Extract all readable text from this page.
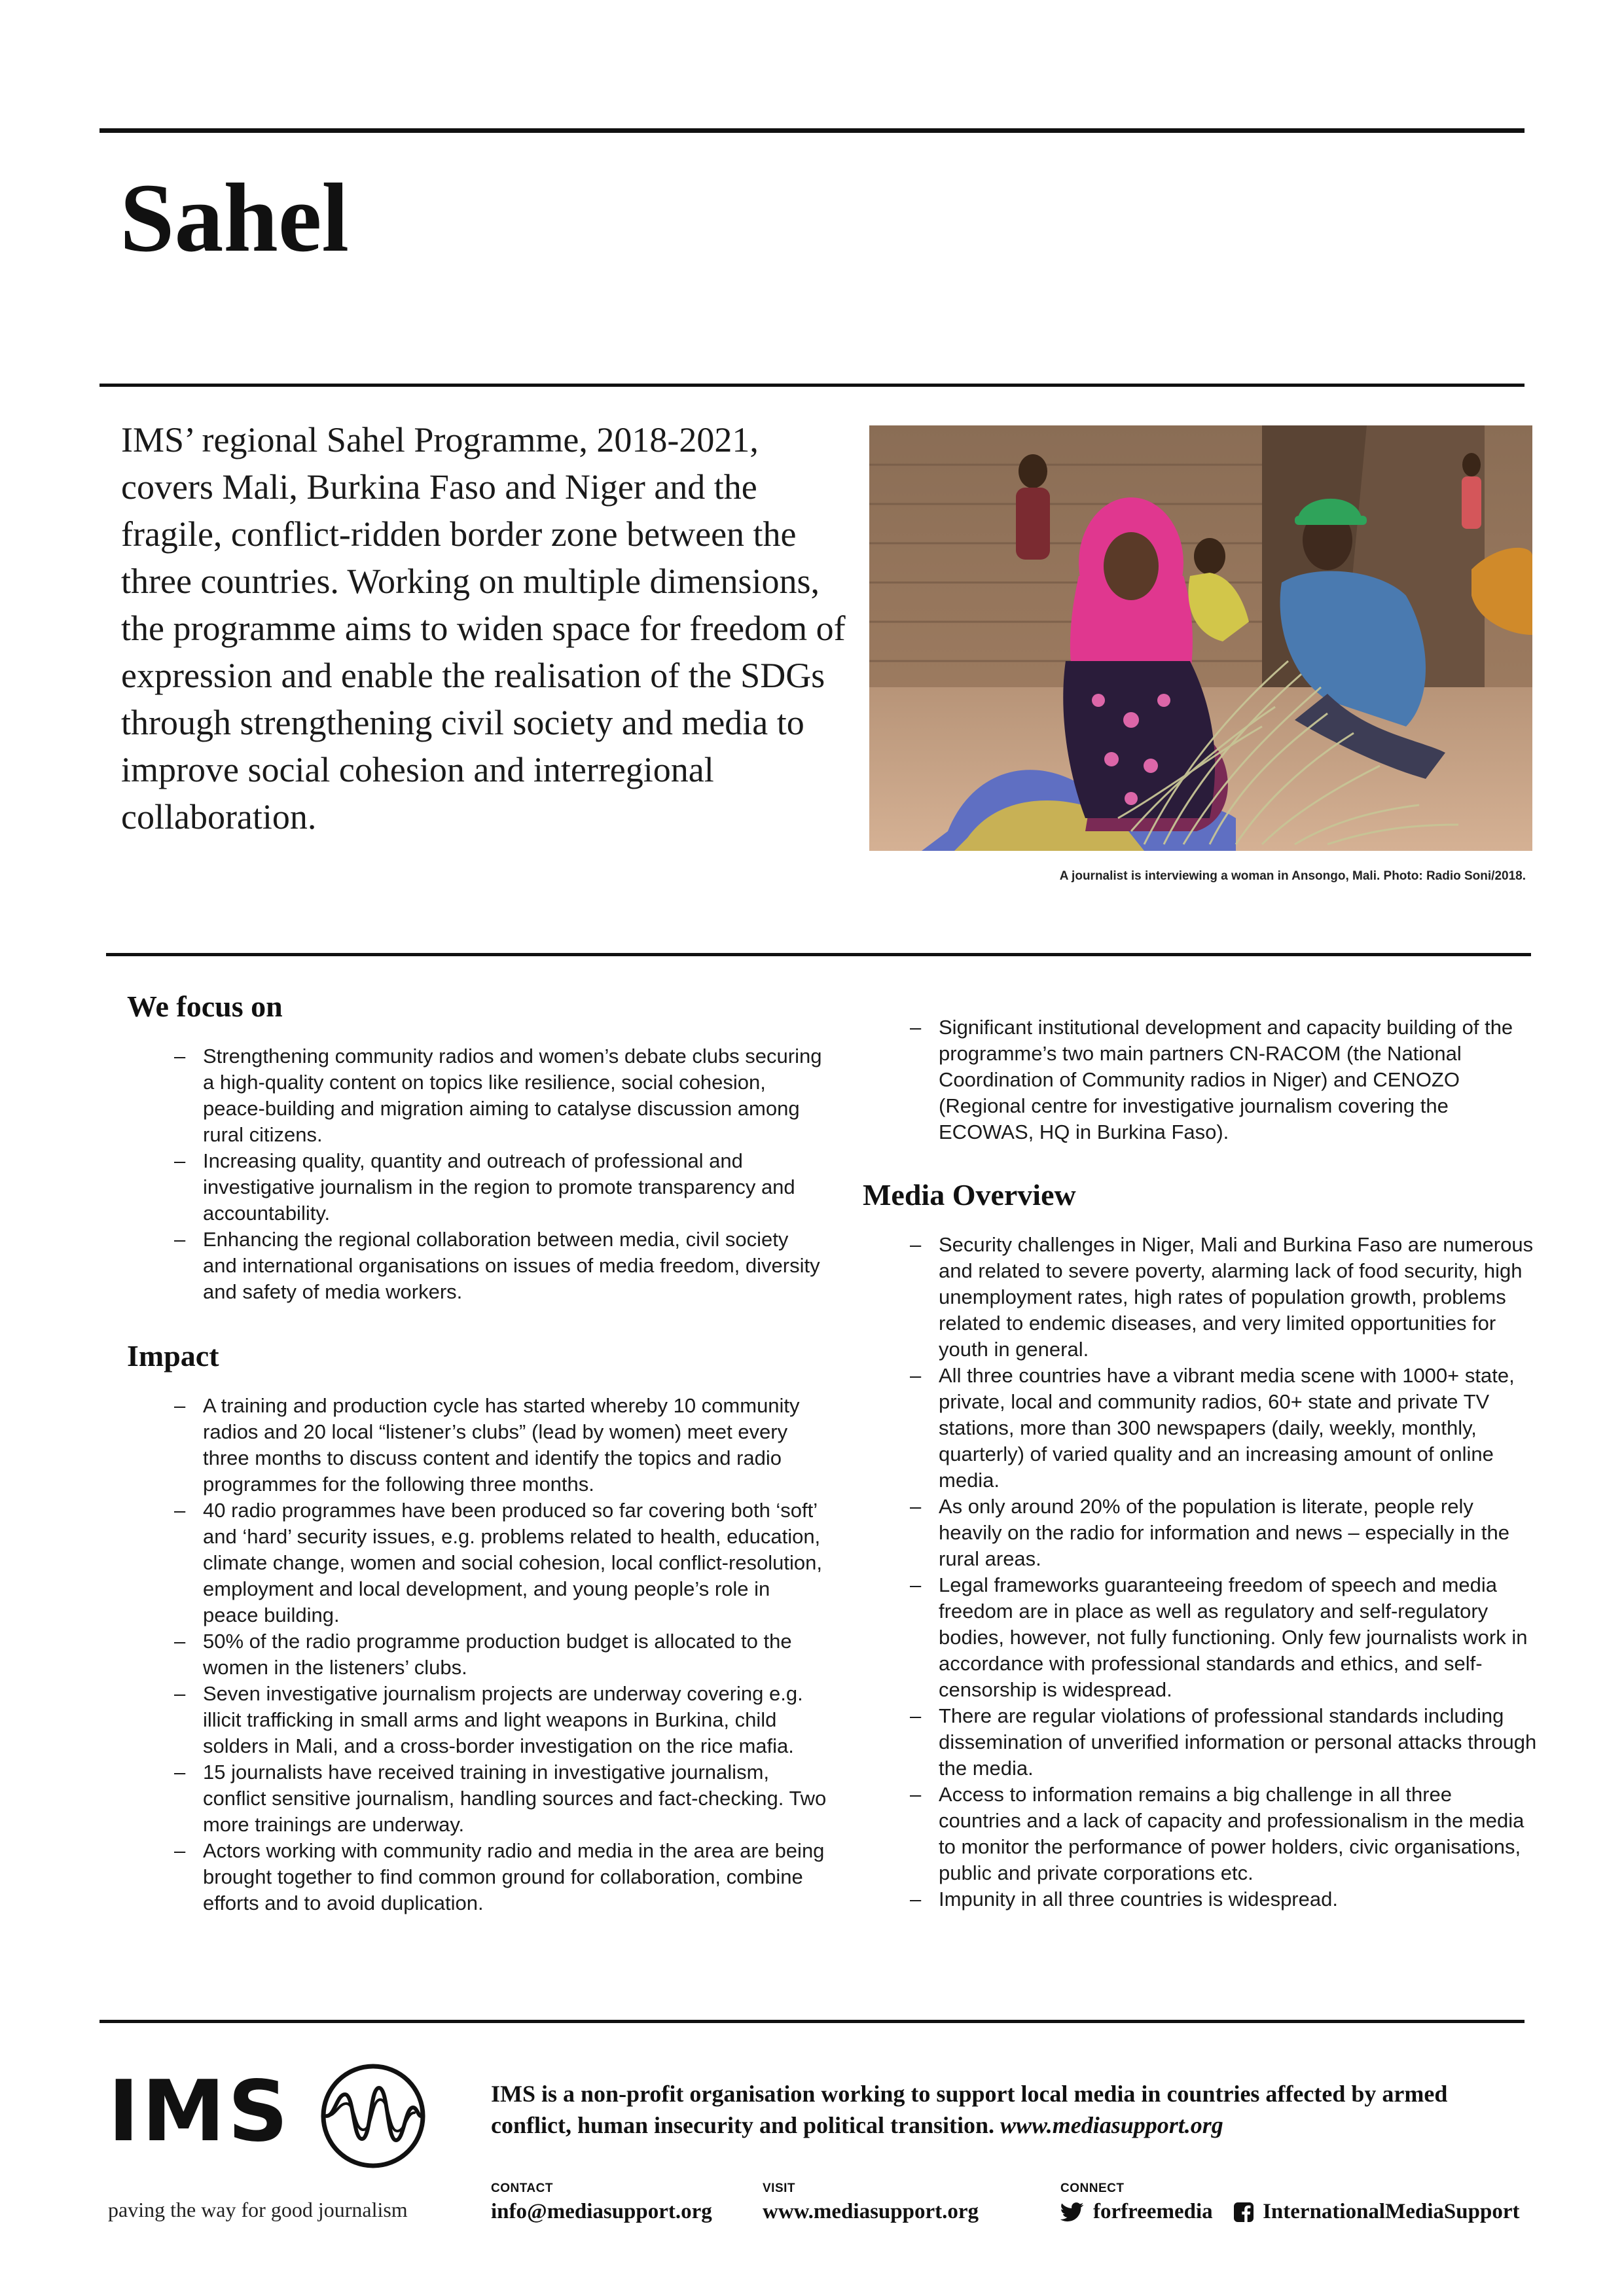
Sahel

IMS’ regional Sahel Programme, 2018-2021, covers Mali, Burkina Faso and Niger and the fragile, conflict-ridden border zone between the three countries. Working on multiple dimensions, the programme aims to widen space for freedom of expression and enable the realisation of the SDGs through strengthening civil society and media to improve social cohesion and interregional collaboration.

A journalist is interviewing a woman in Ansongo, Mali. Photo: Radio Soni/2018.
We focus on
– Strengthening community radios and women’s debate clubs securing a high-quality content on topics like resilience, social cohesion, peace-building and migration aiming to catalyse discussion among rural citizens.
– Increasing quality, quantity and outreach of professional and investigative journalism in the region to promote transparency and accountability.
– Enhancing the regional collaboration between media, civil society and international organisations on issues of media freedom, diversity and safety of media workers.
Impact
– A training and production cycle has started whereby 10 community radios and 20 local “listener’s clubs” (lead by women) meet every three months to discuss content and identify the topics and radio programmes for the following three months.
– 40 radio programmes have been produced so far covering both ‘soft’ and ‘hard’ security issues, e.g. problems related to health, education, climate change, women and social cohesion, local conflict-resolution, employment and local development, and young people’s role in peace building.
– 50% of the radio programme production budget is allocated to the women in the listeners’ clubs.
– Seven investigative journalism projects are underway covering e.g. illicit trafficking in small arms and light weapons in Burkina, child solders in Mali, and a cross-border investigation on the rice mafia.
– 15 journalists have received training in investigative journalism, conflict sensitive journalism, handling sources and fact-checking. Two more trainings are underway.
– Actors working with community radio and media in the area are being brought together to find common ground for collaboration, combine efforts and to avoid duplication.
– Significant institutional development and capacity building of the programme’s two main partners CN-RACOM (the National Coordination of Community radios in Niger) and CENOZO (Regional centre for investigative journalism covering the ECOWAS, HQ in Burkina Faso).
Media Overview
– Security challenges in Niger, Mali and Burkina Faso are numerous and related to severe poverty, alarming lack of food security, high unemployment rates, high rates of population growth, problems related to endemic diseases, and very limited opportunities for youth in general.
– All three countries have a vibrant media scene with 1000+ state, private, local and community radios, 60+ state and private TV stations, more than 300 newspapers (daily, weekly, monthly, quarterly) of varied quality and an increasing amount of online media.
– As only around 20% of the population is literate, people rely heavily on the radio for information and news – especially in the rural areas.
– Legal frameworks guaranteeing freedom of speech and media freedom are in place as well as regulatory and self-regulatory bodies, however, not fully functioning. Only few journalists work in accordance with professional standards and ethics, and self-censorship is widespread.
– There are regular violations of professional standards including dissemination of unverified information or personal attacks through the media.
– Access to information remains a big challenge in all three countries and a lack of capacity and professionalism in the media to monitor the performance of power holders, civic organisations, public and private corporations etc.
– Impunity in all three countries is widespread.
IMS
paving the way for good journalism

IMS is a non-profit organisation working to support local media in countries affected by armed conflict, human insecurity and political transition. www.mediasupport.org

CONTACT
info@mediasupport.org
VISIT
www.mediasupport.org
CONNECT
forfreemedia
InternationalMediaSupport
